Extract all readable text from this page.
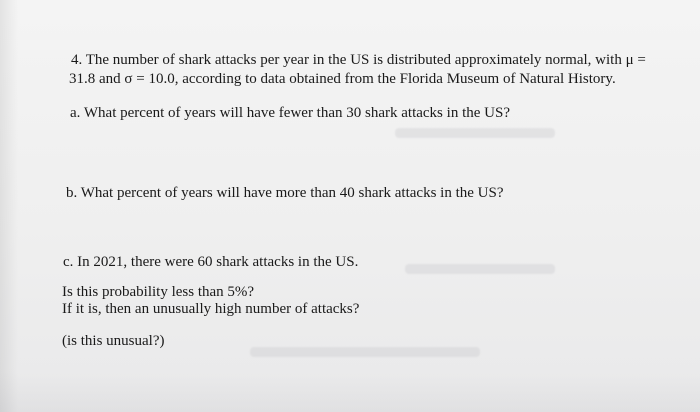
4. The number of shark attacks per year in the US is distributed approximately normal, with μ =
31.8 and σ = 10.0, according to data obtained from the Florida Museum of Natural History.
a. What percent of years will have fewer than 30 shark attacks in the US?
b. What percent of years will have more than 40 shark attacks in the US?
c. In 2021, there were 60 shark attacks in the US.
Is this probability less than 5%?
If it is, then an unusually high number of attacks?
(is this unusual?)
